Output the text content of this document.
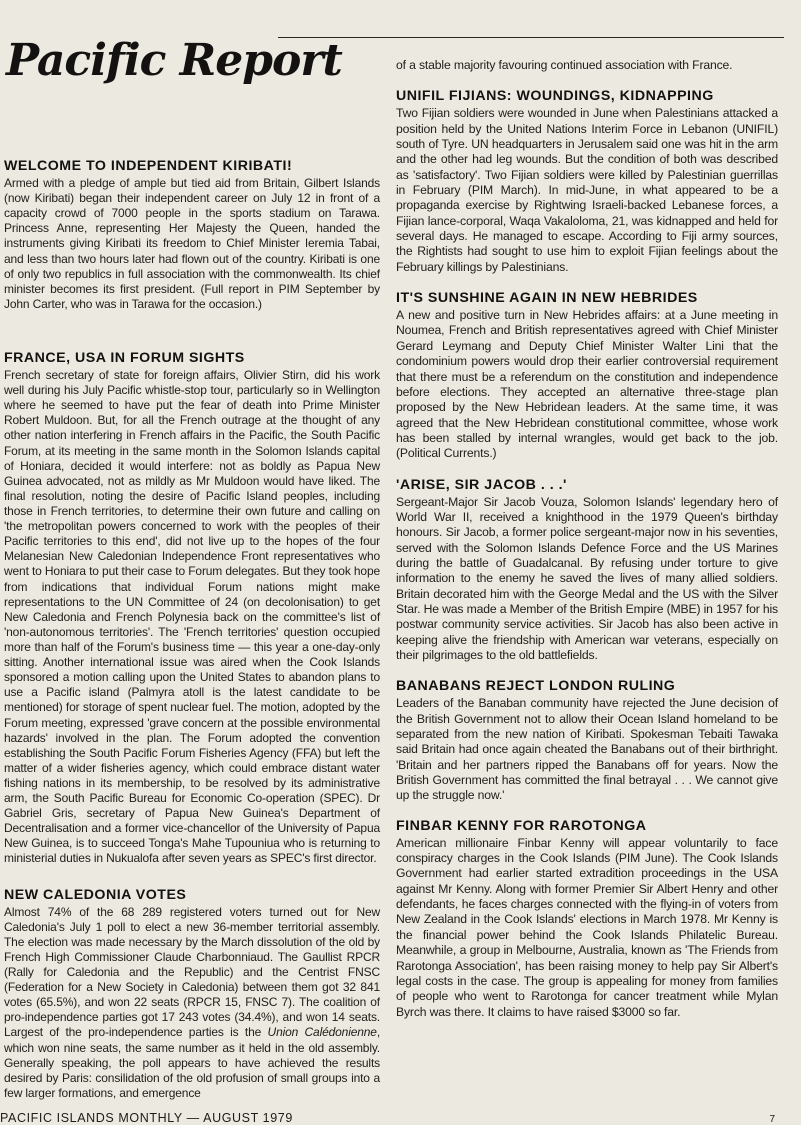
Pacific Report
WELCOME TO INDEPENDENT KIRIBATI!

Armed with a pledge of ample but tied aid from Britain, Gilbert Islands (now Kiribati) began their independent career on July 12 in front of a capacity crowd of 7000 people in the sports stadium on Tarawa. Princess Anne, representing Her Majesty the Queen, handed the instruments giving Kiribati its freedom to Chief Minister Ieremia Tabai, and less than two hours later had flown out of the country. Kiribati is one of only two republics in full association with the commonwealth. Its chief minister becomes its first president. (Full report in PIM September by John Carter, who was in Tarawa for the occasion.)

FRANCE, USA IN FORUM SIGHTS

French secretary of state for foreign affairs, Olivier Stirn, did his work well during his July Pacific whistle-stop tour, particularly so in Wellington where he seemed to have put the fear of death into Prime Minister Robert Muldoon. But, for all the French outrage at the thought of any other nation interfering in French affairs in the Pacific, the South Pacific Forum, at its meeting in the same month in the Solomon Islands capital of Honiara, decided it would interfere: not as boldly as Papua New Guinea advocated, not as mildly as Mr Muldoon would have liked. The final resolution, noting the desire of Pacific Island peoples, including those in French territories, to determine their own future and calling on 'the metropolitan powers concerned to work with the peoples of their Pacific territories to this end', did not live up to the hopes of the four Melanesian New Caledonian Independence Front representatives who went to Honiara to put their case to Forum delegates. But they took hope from indications that individual Forum nations might make representations to the UN Committee of 24 (on decolonisation) to get New Caledonia and French Polynesia back on the committee's list of 'non-autonomous territories'. The 'French territories' question occupied more than half of the Forum's business time — this year a one-day-only sitting. Another international issue was aired when the Cook Islands sponsored a motion calling upon the United States to abandon plans to use a Pacific island (Palmyra atoll is the latest candidate to be mentioned) for storage of spent nuclear fuel. The motion, adopted by the Forum meeting, expressed 'grave concern at the possible environmental hazards' involved in the plan. The Forum adopted the convention establishing the South Pacific Forum Fisheries Agency (FFA) but left the matter of a wider fisheries agency, which could embrace distant water fishing nations in its membership, to be resolved by its administrative arm, the South Pacific Bureau for Economic Co-operation (SPEC). Dr Gabriel Gris, secretary of Papua New Guinea's Department of Decentralisation and a former vice-chancellor of the University of Papua New Guinea, is to succeed Tonga's Mahe Tupouniua who is returning to ministerial duties in Nukualofa after seven years as SPEC's first director.

NEW CALEDONIA VOTES

Almost 74% of the 68 289 registered voters turned out for New Caledonia's July 1 poll to elect a new 36-member territorial assembly. The election was made necessary by the March dissolution of the old by French High Commissioner Claude Charbonniaud. The Gaullist RPCR (Rally for Caledonia and the Republic) and the Centrist FNSC (Federation for a New Society in Caledonia) between them got 32 841 votes (65.5%), and won 22 seats (RPCR 15, FNSC 7). The coalition of pro-independence parties got 17 243 votes (34.4%), and won 14 seats. Largest of the pro-independence parties is the Union Calédonienne, which won nine seats, the same number as it held in the old assembly. Generally speaking, the poll appears to have achieved the results desired by Paris: consilidation of the old profusion of small groups into a few larger formations, and emergence

of a stable majority favouring continued association with France.

UNIFIL FIJIANS: WOUNDINGS, KIDNAPPING

Two Fijian soldiers were wounded in June when Palestinians attacked a position held by the United Nations Interim Force in Lebanon (UNIFIL) south of Tyre. UN headquarters in Jerusalem said one was hit in the arm and the other had leg wounds. But the condition of both was described as 'satisfactory'. Two Fijian soldiers were killed by Palestinian guerrillas in February (PIM March). In mid-June, in what appeared to be a propaganda exercise by Rightwing Israeli-backed Lebanese forces, a Fijian lance-corporal, Waqa Vakaloloma, 21, was kidnapped and held for several days. He managed to escape. According to Fiji army sources, the Rightists had sought to use him to exploit Fijian feelings about the February killings by Palestinians.

IT'S SUNSHINE AGAIN IN NEW HEBRIDES

A new and positive turn in New Hebrides affairs: at a June meeting in Noumea, French and British representatives agreed with Chief Minister Gerard Leymang and Deputy Chief Minister Walter Lini that the condominium powers would drop their earlier controversial requirement that there must be a referendum on the constitution and independence before elections. They accepted an alternative three-stage plan proposed by the New Hebridean leaders. At the same time, it was agreed that the New Hebridean constitutional committee, whose work has been stalled by internal wrangles, would get back to the job. (Political Currents.)

'ARISE, SIR JACOB . . .'

Sergeant-Major Sir Jacob Vouza, Solomon Islands' legendary hero of World War II, received a knighthood in the 1979 Queen's birthday honours. Sir Jacob, a former police sergeant-major now in his seventies, served with the Solomon Islands Defence Force and the US Marines during the battle of Guadalcanal. By refusing under torture to give information to the enemy he saved the lives of many allied soldiers. Britain decorated him with the George Medal and the US with the Silver Star. He was made a Member of the British Empire (MBE) in 1957 for his postwar community service activities. Sir Jacob has also been active in keeping alive the friendship with American war veterans, especially on their pilgrimages to the old battlefields.

BANABANS REJECT LONDON RULING

Leaders of the Banaban community have rejected the June decision of the British Government not to allow their Ocean Island homeland to be separated from the new nation of Kiribati. Spokesman Tebaiti Tawaka said Britain had once again cheated the Banabans out of their birthright. 'Britain and her partners ripped the Banabans off for years. Now the British Government has committed the final betrayal . . . We cannot give up the struggle now.'

FINBAR KENNY FOR RAROTONGA

American millionaire Finbar Kenny will appear voluntarily to face conspiracy charges in the Cook Islands (PIM June). The Cook Islands Government had earlier started extradition proceedings in the USA against Mr Kenny. Along with former Premier Sir Albert Henry and other defendants, he faces charges connected with the flying-in of voters from New Zealand in the Cook Islands' elections in March 1978. Mr Kenny is the financial power behind the Cook Islands Philatelic Bureau. Meanwhile, a group in Melbourne, Australia, known as 'The Friends from Rarotonga Association', has been raising money to help pay Sir Albert's legal costs in the case. The group is appealing for money from families of people who went to Rarotonga for cancer treatment while Mylan Byrch was there. It claims to have raised $3000 so far.

PACIFIC ISLANDS MONTHLY — AUGUST 1979	7
